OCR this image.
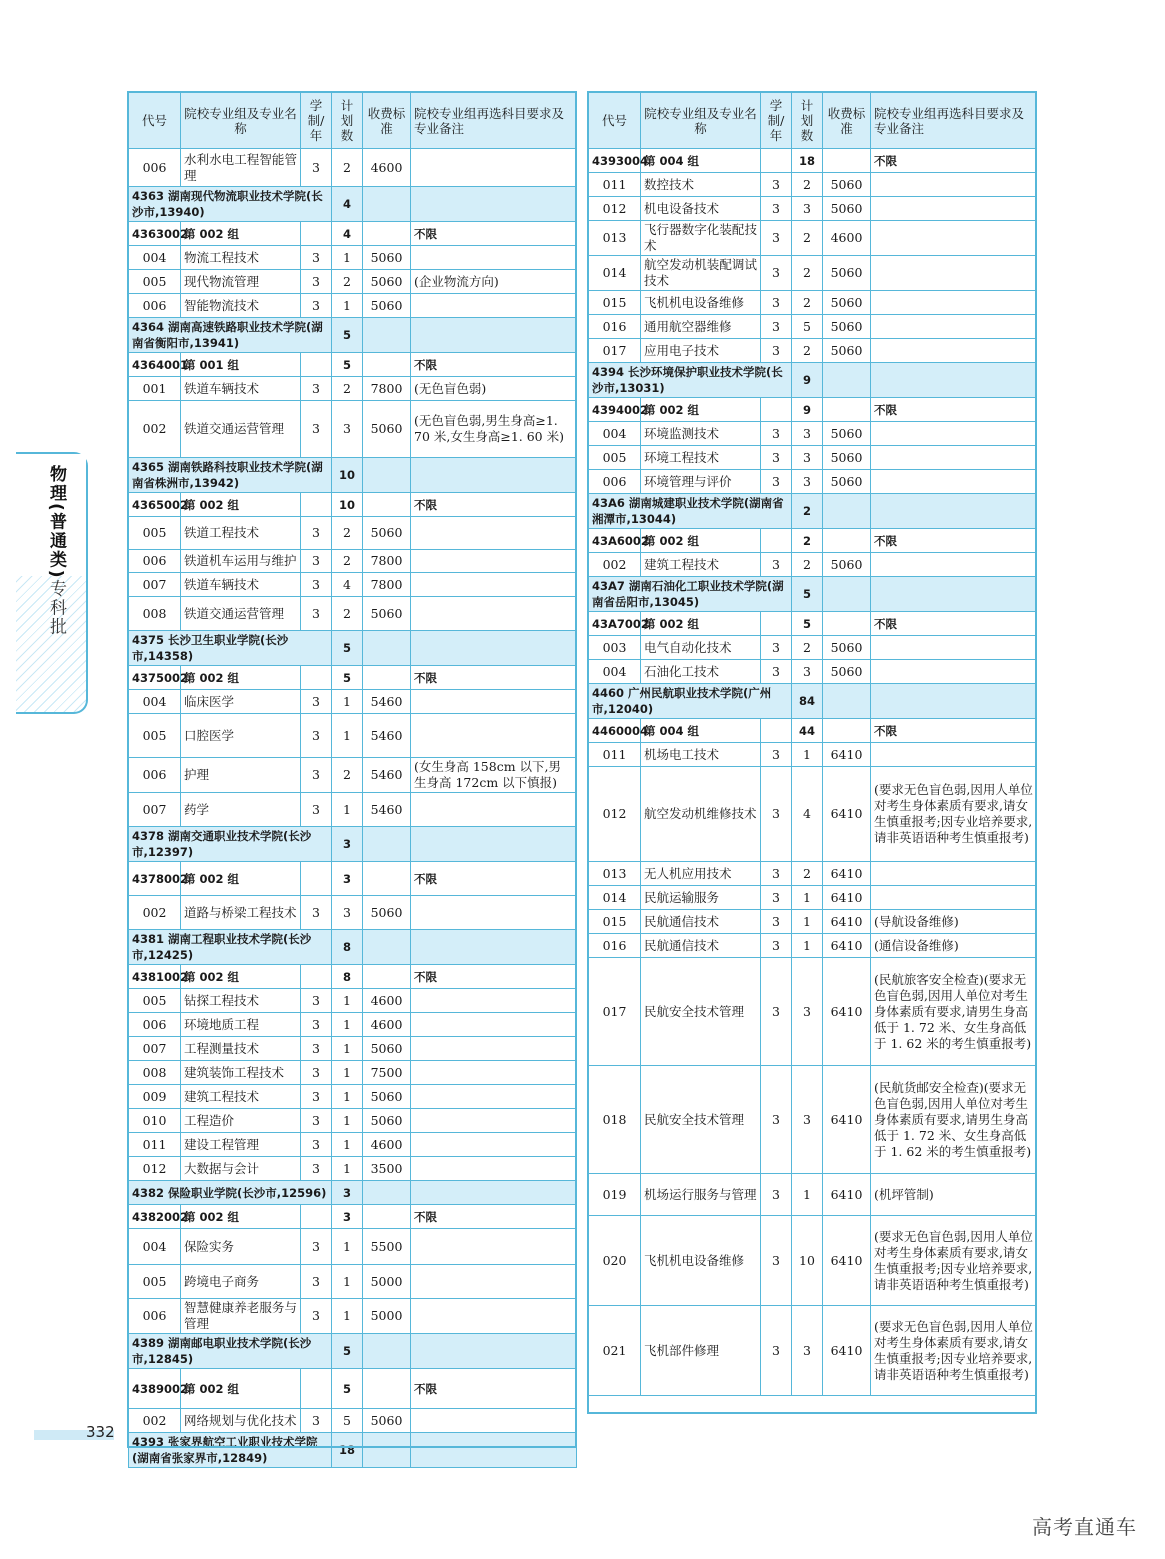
代号	院校专业组及专业名称	学制/年	计划数	收费标准	院校专业组再选科目要求及专业备注
006	水利水电工程智能管理	3	2	4600	
4363 湖南现代物流职业技术学院(长沙市,13940)			4		
4363002	第 002 组		4		不限
004	物流工程技术	3	1	5060	
005	现代物流管理	3	2	5060	(企业物流方向)
006	智能物流技术	3	1	5060	
4364 湖南高速铁路职业技术学院(湖南省衡阳市,13941)			5		
4364001	第 001 组		5		不限
001	铁道车辆技术	3	2	7800	(无色盲色弱)
002	铁道交通运营管理	3	3	5060	(无色盲色弱,男生身高≥1. 70 米,女生身高≥1. 60 米)
4365 湖南铁路科技职业技术学院(湖南省株洲市,13942)			10		
4365002	第 002 组		10		不限
005	铁道工程技术	3	2	5060	
006	铁道机车运用与维护	3	2	7800	
007	铁道车辆技术	3	4	7800	
008	铁道交通运营管理	3	2	5060	
4375 长沙卫生职业学院(长沙市,14358)			5		
4375002	第 002 组		5		不限
004	临床医学	3	1	5460	
005	口腔医学	3	1	5460	
006	护理	3	2	5460	(女生身高 158cm 以下,男生身高 172cm 以下慎报)
007	药学	3	1	5460	
4378 湖南交通职业技术学院(长沙市,12397)			3		
4378002	第 002 组		3		不限
002	道路与桥梁工程技术	3	3	5060	
4381 湖南工程职业技术学院(长沙市,12425)			8		
4381002	第 002 组		8		不限
005	钻探工程技术	3	1	4600	
006	环境地质工程	3	1	4600	
007	工程测量技术	3	1	5060	
008	建筑装饰工程技术	3	1	7500	
009	建筑工程技术	3	1	5060	
010	工程造价	3	1	5060	
011	建设工程管理	3	1	4600	
012	大数据与会计	3	1	3500	
4382 保险职业学院(长沙市,12596)			3		
4382002	第 002 组		3		不限
004	保险实务	3	1	5500	
005	跨境电子商务	3	1	5000	
006	智慧健康养老服务与管理	3	1	5000	
4389 湖南邮电职业技术学院(长沙市,12845)			5		
4389002	第 002 组		5		不限
002	网络规划与优化技术	3	5	5060	
4393 张家界航空工业职业技术学院(湖南省张家界市,12849)			18		
代号	院校专业组及专业名称	学制/年	计划数	收费标准	院校专业组再选科目要求及专业备注
4393004	第 004 组		18		不限
011	数控技术	3	2	5060	
012	机电设备技术	3	3	5060	
013	飞行器数字化装配技术	3	2	4600	
014	航空发动机装配调试技术	3	2	5060	
015	飞机机电设备维修	3	2	5060	
016	通用航空器维修	3	5	5060	
017	应用电子技术	3	2	5060	
4394 长沙环境保护职业技术学院(长沙市,13031)			9		
4394002	第 002 组		9		不限
004	环境监测技术	3	3	5060	
005	环境工程技术	3	3	5060	
006	环境管理与评价	3	3	5060	
43A6 湖南城建职业技术学院(湖南省湘潭市,13044)			2		
43A6002	第 002 组		2		不限
002	建筑工程技术	3	2	5060	
43A7 湖南石油化工职业技术学院(湖南省岳阳市,13045)			5		
43A7002	第 002 组		5		不限
003	电气自动化技术	3	2	5060	
004	石油化工技术	3	3	5060	
4460 广州民航职业技术学院(广州市,12040)			84		
4460004	第 004 组		44		不限
011	机场电工技术	3	1	6410	
012	航空发动机维修技术	3	4	6410	(要求无色盲色弱,因用人单位对考生身体素质有要求,请女生慎重报考;因专业培养要求,请非英语语种考生慎重报考)
013	无人机应用技术	3	2	6410	
014	民航运输服务	3	1	6410	
015	民航通信技术	3	1	6410	(导航设备维修)
016	民航通信技术	3	1	6410	(通信设备维修)
017	民航安全技术管理	3	3	6410	(民航旅客安全检查)(要求无色盲色弱,因用人单位对考生身体素质有要求,请男生身高低于 1. 72 米、女生身高低于 1. 62 米的考生慎重报考)
018	民航安全技术管理	3	3	6410	(民航货邮安全检查)(要求无色盲色弱,因用人单位对考生身体素质有要求,请男生身高低于 1. 72 米、女生身高低于 1. 62 米的考生慎重报考)
019	机场运行服务与管理	3	1	6410	(机坪管制)
020	飞机机电设备维修	3	10	6410	(要求无色盲色弱,因用人单位对考生身体素质有要求,请女生慎重报考;因专业培养要求,请非英语语种考生慎重报考)
021	飞机部件修理	3	3	6410	(要求无色盲色弱,因用人单位对考生身体素质有要求,请女生慎重报考;因专业培养要求,请非英语语种考生慎重报考)
物理(普通类)专科批
332
高考直通车
